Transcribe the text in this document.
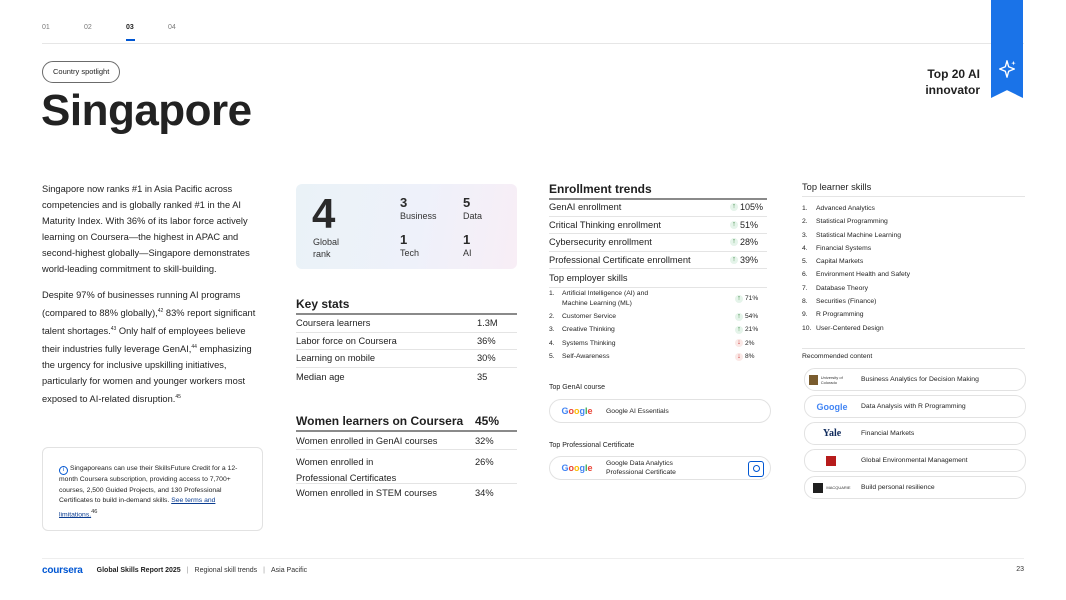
01	02	03	04
Top 20 AI
innovator
Country spotlight
Singapore

Singapore now ranks #1 in Asia Pacific across competencies and is globally ranked #1 in the AI Maturity Index. With 36% of its labor force actively learning on Coursera—the highest in APAC and second-highest globally—Singapore demonstrates world-leading commitment to skill-building.

Despite 97% of businesses running AI programs (compared to 88% globally),$^{42}$ 83% report significant talent shortages.$^{43}$ Only half of employees believe their industries fully leverage GenAI,$^{44}$ emphasizing the urgency for inclusive upskilling initiatives, particularly for women and younger workers most exposed to AI-related disruption.$^{45}$

i Singaporeans can use their SkillsFuture Credit for a 12-month Coursera subscription, providing access to 7,700+ courses, 2,500 Guided Projects, and 130 Professional Certificates to build in-demand skills. See terms and limitations.$^{46}$
4
Global
rank
3
Business
5
Data
1
Tech
1
AI
Key stats
Coursera learners	1.3M
Labor force on Coursera	36%
Learning on mobile	30%
Median age	35
Women learners on Coursera 45%
Women enrolled in GenAI courses	32%
Women enrolled in
Professional Certificates
26%
Women enrolled in STEM courses	34%
Enrollment trends
GenAI enrollment	↑ 105%
Critical Thinking enrollment	↑ 51%
Cybersecurity enrollment	↑ 28%
Professional Certificate enrollment	↑ 39%
Top employer skills
1.	Artificial Intelligence (AI) and Machine Learning (ML)
↑ 71%
2.	Customer Service	↑ 54%
3.	Creative Thinking	↑ 21%
4.	Systems Thinking	↓ 2%
5.	Self-Awareness	↓ 8%
Top GenAI course
G o o g l e Google AI Essentials
Top Professional Certificate
G o o g l e Google Data Analytics
Professional Certificate
Top learner skills
1.	Advanced Analytics
2.	Statistical Programming
3.	Statistical Machine Learning
4.	Financial Systems
5.	Capital Markets
6.	Environment Health and Safety
7.	Database Theory
8.	Securities (Finance)
9.	R Programming
10. User-Centered Design
Recommended content
University of Colorado	Business Analytics for Decision Making
Google	Data Analysis with R Programming
Yale	Financial Markets
Global Environmental Management
MACQUARIE Build personal resilience
coursera Global Skills Report 2025 | Regional skill trends | Asia Pacific	23
